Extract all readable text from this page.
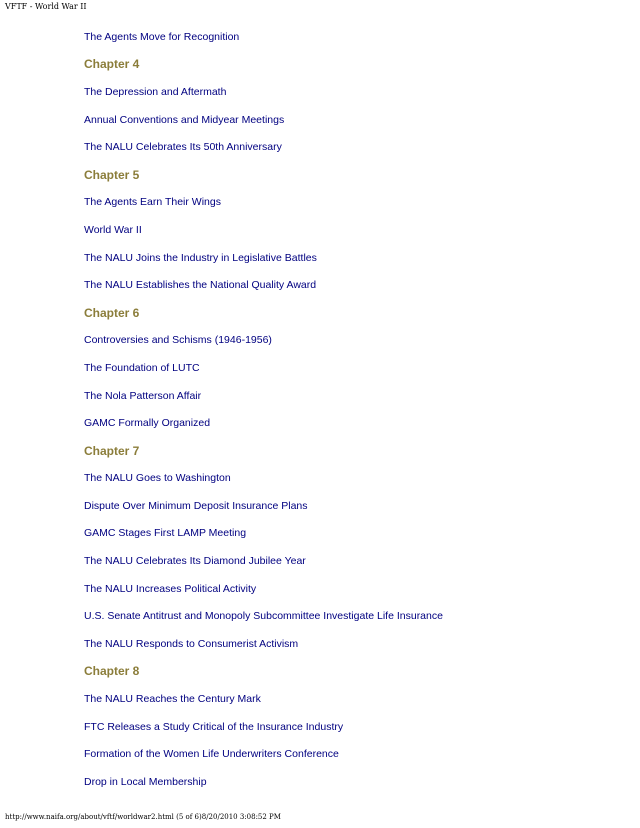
VFTF - World War II
The Agents Move for Recognition
Chapter 4
The Depression and Aftermath
Annual Conventions and Midyear Meetings
The NALU Celebrates Its 50th Anniversary
Chapter 5
The Agents Earn Their Wings
World War II
The NALU Joins the Industry in Legislative Battles
The NALU Establishes the National Quality Award
Chapter 6
Controversies and Schisms (1946-1956)
The Foundation of LUTC
The Nola Patterson Affair
GAMC Formally Organized
Chapter 7
The NALU Goes to Washington
Dispute Over Minimum Deposit Insurance Plans
GAMC Stages First LAMP Meeting
The NALU Celebrates Its Diamond Jubilee Year
The NALU Increases Political Activity
U.S. Senate Antitrust and Monopoly Subcommittee Investigate Life Insurance
The NALU Responds to Consumerist Activism
Chapter 8
The NALU Reaches the Century Mark
FTC Releases a Study Critical of the Insurance Industry
Formation of the Women Life Underwriters Conference
Drop in Local Membership
http://www.naifa.org/about/vftf/worldwar2.html (5 of 6)8/20/2010 3:08:52 PM
